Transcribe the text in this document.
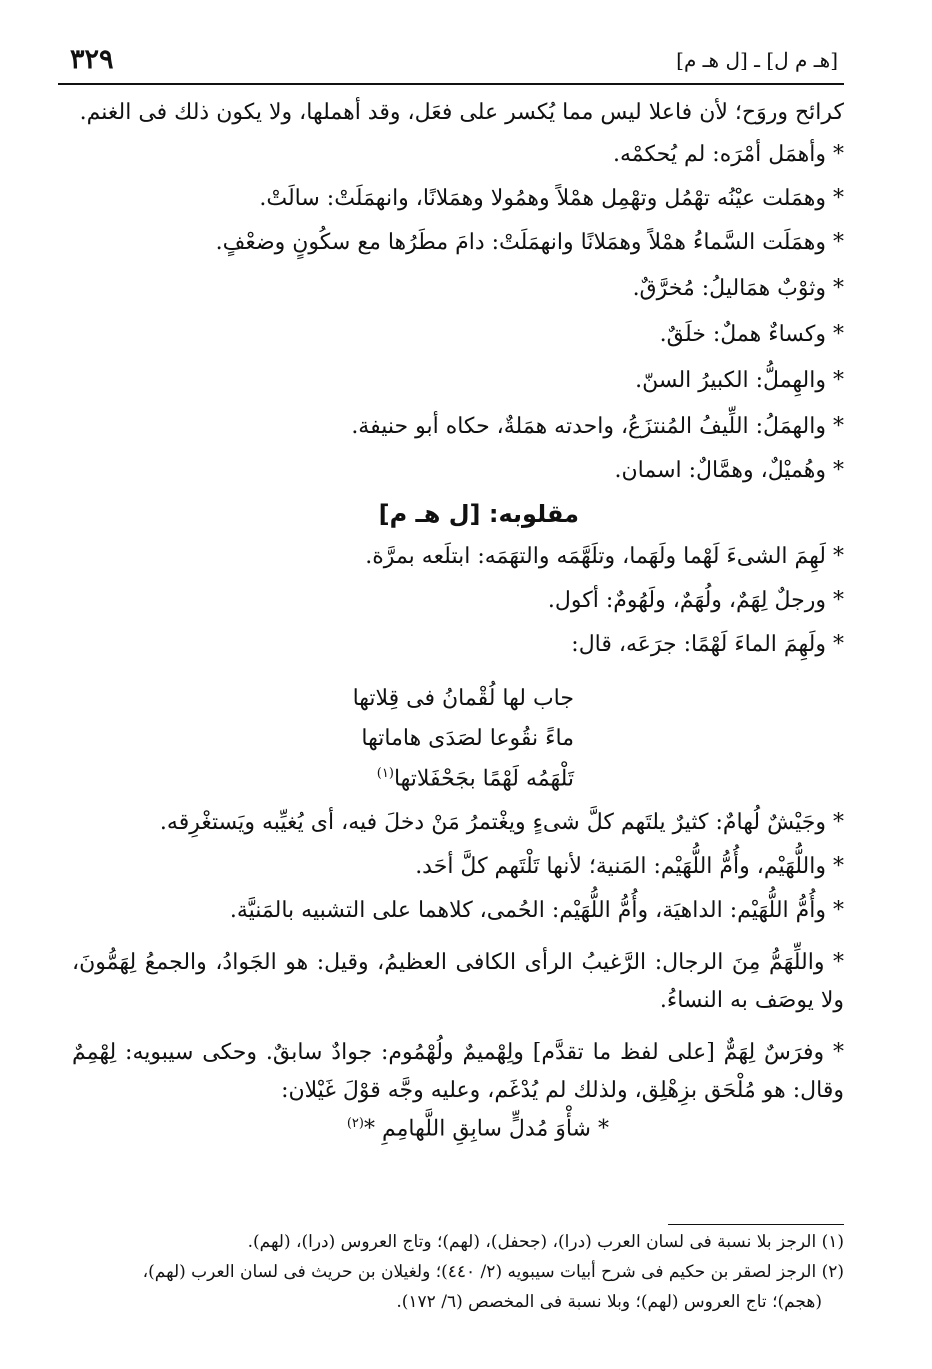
٣٢٩	[هـ م ل] ـ [ل هـ م]
كرائح وروَح؛ لأن فاعلا ليس مما يُكسر على فعَل، وقد أهملها، ولا يكون ذلك فى الغنم.
* وأهمَل أمْرَه: لم يُحكمْه.
* وهمَلت عيْنُه تهْمُل وتهْمِل همْلاً وهمُولا وهمَلانًا، وانهمَلَتْ: سالَتْ.
* وهمَلَت السَّماءُ همْلاً وهمَلانًا وانهمَلَتْ: دامَ مطَرُها مع سكُونٍ وضعْفٍ.
* وثوْبٌ همَاليلُ: مُخرَّقٌ.
* وكساءٌ هملٌ: خلَقٌ.
* والهِملُّ: الكبيرُ السنّ.
* والهمَلُ: اللِّيفُ المُنتزَعُ، واحدته همَلةٌ، حكاه أبو حنيفة.
* وهُميْلٌ، وهمَّالٌ: اسمان.
مقلوبه: [ل هـ م]
* لَهِمَ الشىءَ لَهْما ولَهَما، وتلَهَّمَه والتهَمَه: ابتلَعه بمرَّة.
* ورجلٌ لِهَمٌ، ولُهَمٌ، ولَهُومٌ: أكول.
* ولَهِمَ الماءَ لَهْمًا: جرَعَه، قال:
جاب لها لُقْمانُ فى قِلاتها
ماءً نقُوعا لصَدَى هاماتها
تَلْهَمُه لَهْمًا بجَحْفَلاتها$^{(١)}$
* وجَيْشٌ لُهامٌ: كثيرٌ يلتَهم كلَّ شىءٍ ويغْتمرُ مَنْ دخلَ فيه، أى يُغيِّبه ويَستغْرِقه.
* واللُّهَيْم، وأُمُّ اللُّهَيْم: المَنية؛ لأنها تَلْتَهم كلَّ أحَد.
* وأُمُّ اللُّهَيْم: الداهيَة، وأُمُّ اللُّهَيْم: الحُمى، كلاهما على التشبيه بالمَنيَّة.
* واللِّهَمُّ مِنَ الرجال: الرَّغيبُ الرأى الكافى العظيمُ، وقيل: هو الجَوادُ، والجمعُ لِهَمُّونَ، ولا يوصَف به النساءُ.
* وفرَسٌ لِهَمٌّ [على لفظ ما تقدَّم] ولِهْميمٌ ولُهْمُوم: جوادٌ سابقٌ. وحكى سيبويه: لِهْمِمٌ وقال: هو مُلْحَق بزِهْلِق، ولذلك لم يُدْغَم، وعليه وجَّه قوْلَ غَيْلان:
* شأْوَ مُدلٍّ سابِقِ اللَّهامِمِ *$^{(٢)}$
(١) الرجز بلا نسبة فى لسان العرب (درا)، (جحفل)، (لهم)؛ وتاج العروس (درا)، (لهم).
(٢) الرجز لصقر بن حكيم فى شرح أبيات سيبويه (٢/ ٤٤٠)؛ ولغيلان بن حريث فى لسان العرب (لهم)،
(هجم)؛ تاج العروس (لهم)؛ وبلا نسبة فى المخصص (٦/ ١٧٢).
